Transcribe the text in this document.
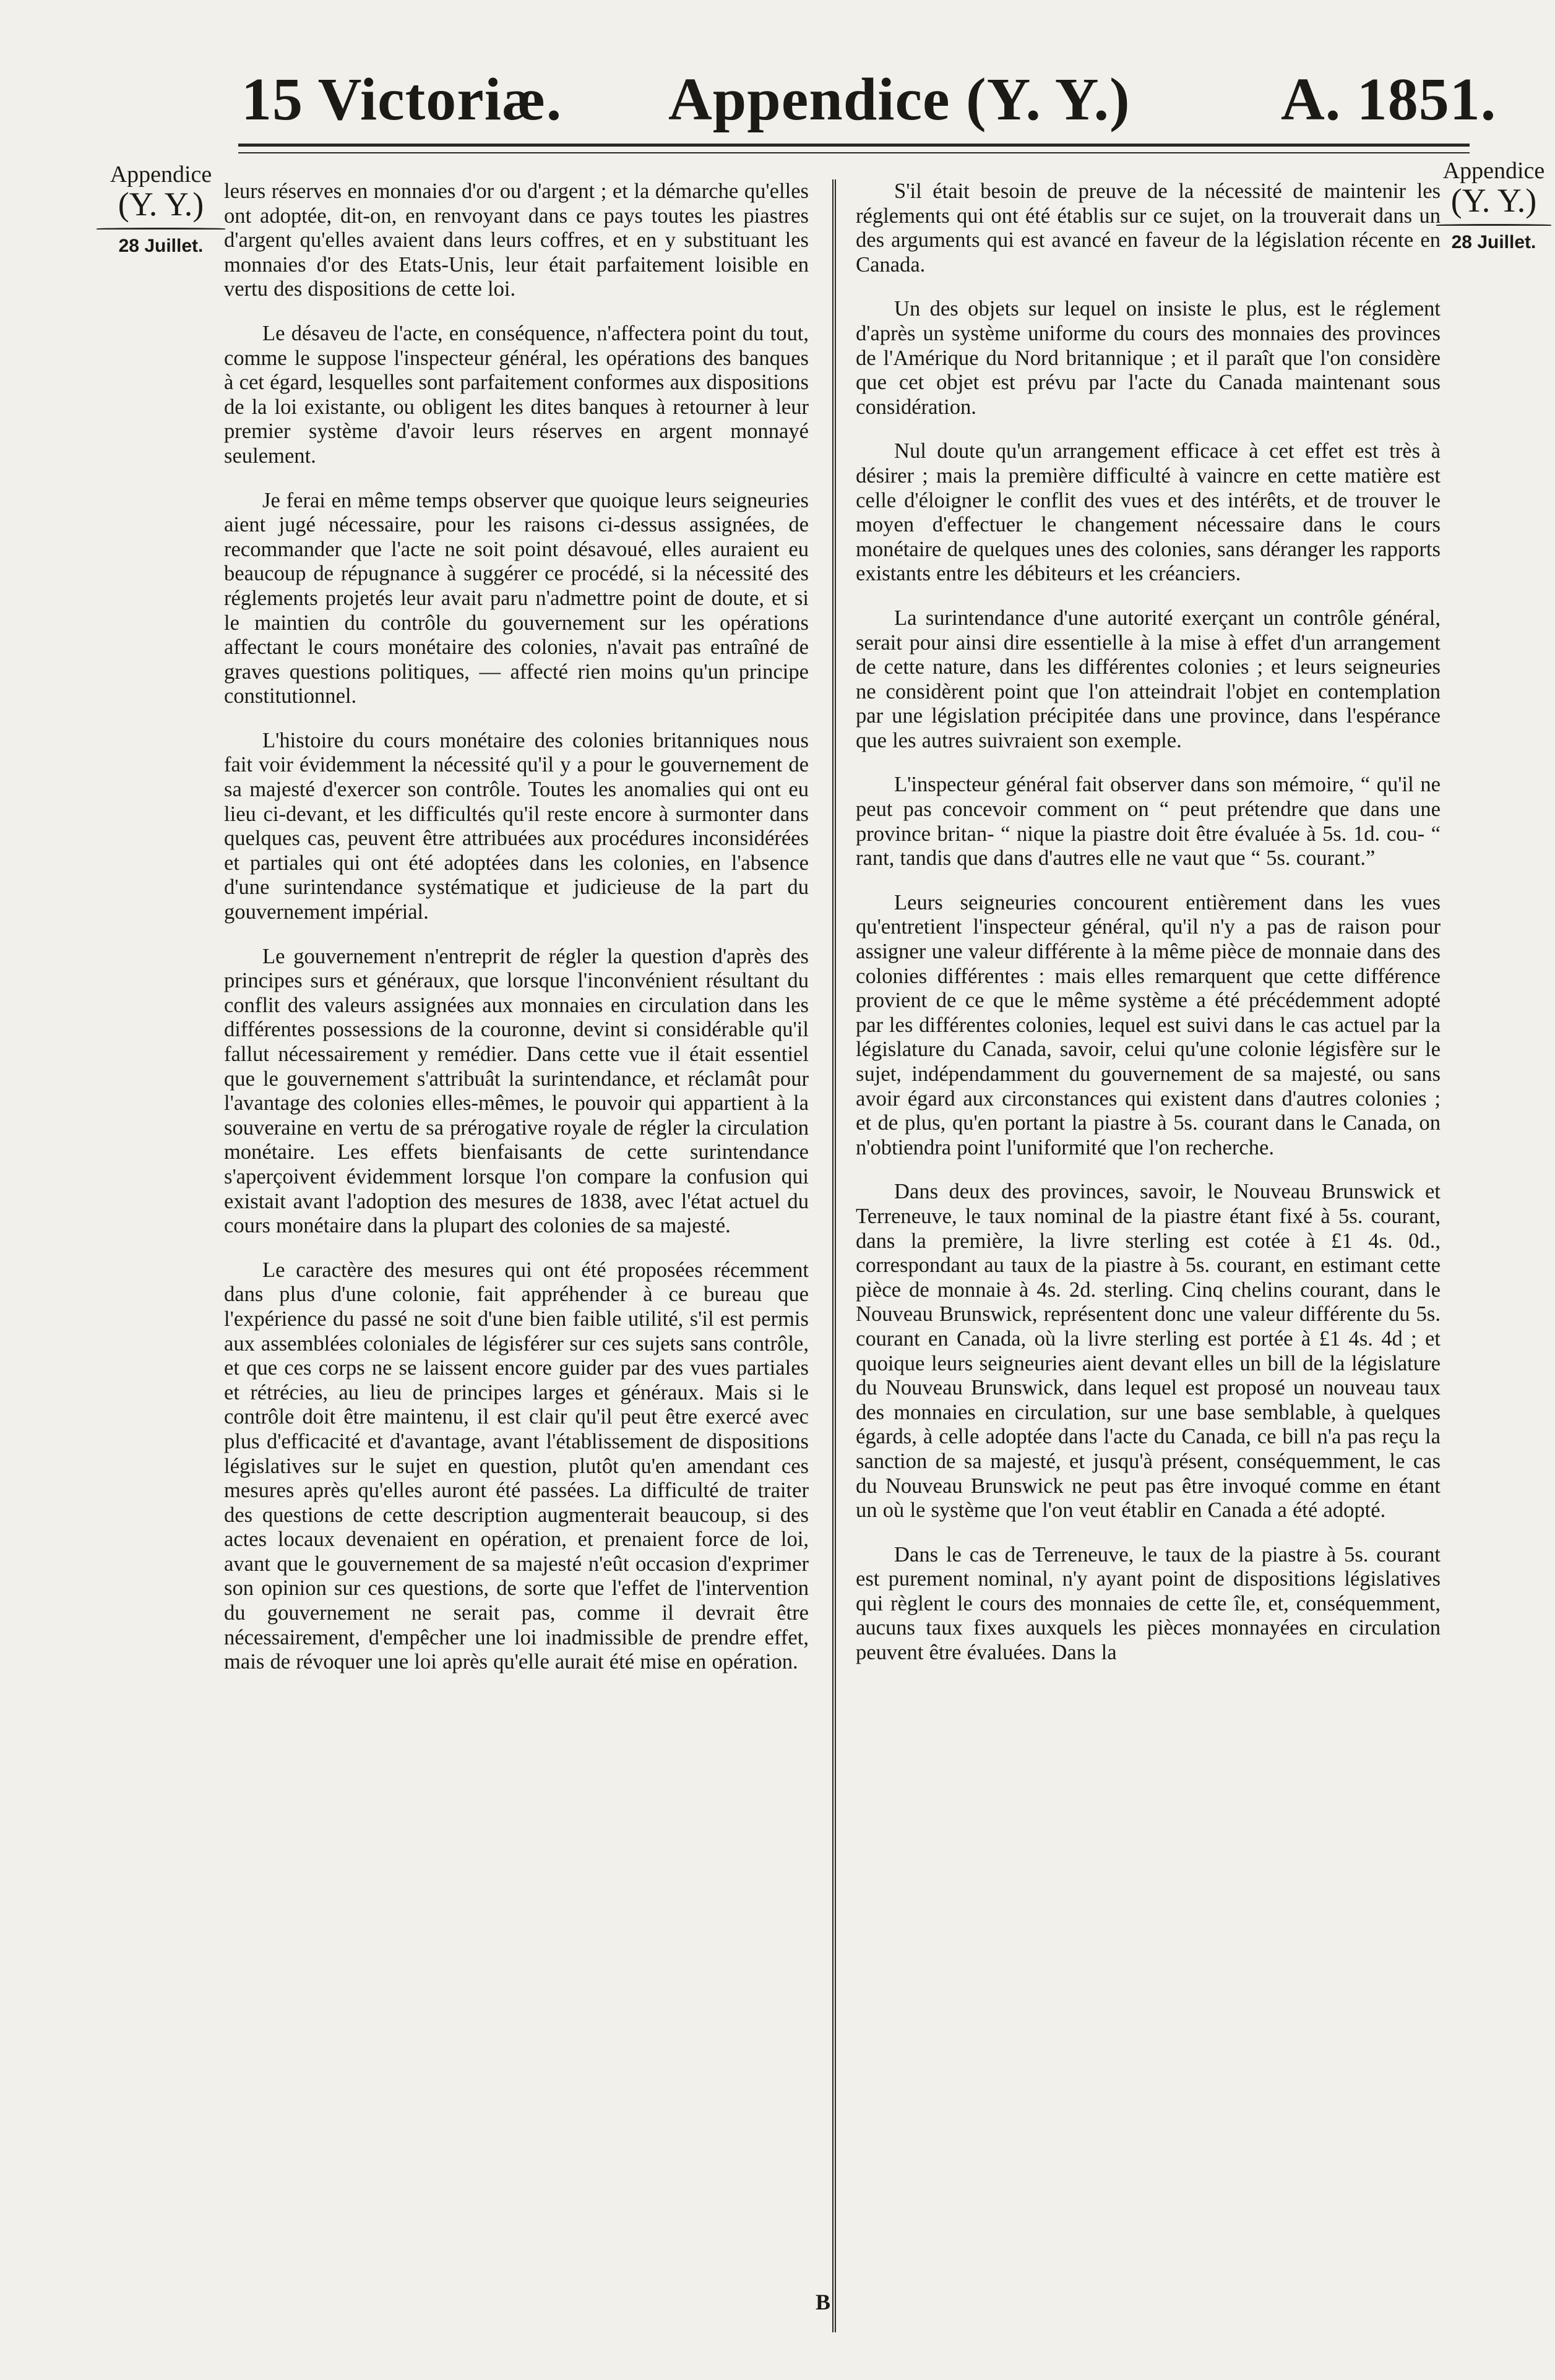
15 Victoriæ. Appendice (Y. Y.) A. 1851.
Appendice
(Y. Y.)
28 Juillet.
Appendice
(Y. Y.)
28 Juillet.

leurs réserves en monnaies d'or ou d'argent ; et la démarche qu'elles ont adoptée, dit-on, en renvoyant dans ce pays toutes les piastres d'argent qu'elles avaient dans leurs coffres, et en y substituant les monnaies d'or des Etats-Unis, leur était parfaitement loisible en vertu des dispositions de cette loi.

Le désaveu de l'acte, en conséquence, n'affectera point du tout, comme le suppose l'inspecteur général, les opérations des banques à cet égard, lesquelles sont parfaitement conformes aux dispositions de la loi existante, ou obligent les dites banques à retourner à leur premier système d'avoir leurs réserves en argent monnayé seulement.

Je ferai en même temps observer que quoique leurs seigneuries aient jugé nécessaire, pour les raisons ci-dessus assignées, de recommander que l'acte ne soit point désavoué, elles auraient eu beaucoup de répugnance à suggérer ce procédé, si la nécessité des réglements projetés leur avait paru n'admettre point de doute, et si le maintien du contrôle du gouvernement sur les opérations affectant le cours monétaire des colonies, n'avait pas entraîné de graves questions politiques, — affecté rien moins qu'un principe constitutionnel.

L'histoire du cours monétaire des colonies britanniques nous fait voir évidemment la nécessité qu'il y a pour le gouvernement de sa majesté d'exercer son contrôle. Toutes les anomalies qui ont eu lieu ci-devant, et les difficultés qu'il reste encore à surmonter dans quelques cas, peuvent être attribuées aux procédures inconsidérées et partiales qui ont été adoptées dans les colonies, en l'absence d'une surintendance systématique et judicieuse de la part du gouvernement impérial.

Le gouvernement n'entreprit de régler la question d'après des principes surs et généraux, que lorsque l'inconvénient résultant du conflit des valeurs assignées aux monnaies en circulation dans les différentes possessions de la couronne, devint si considérable qu'il fallut nécessairement y remédier. Dans cette vue il était essentiel que le gouvernement s'attribuât la surintendance, et réclamât pour l'avantage des colonies elles-mêmes, le pouvoir qui appartient à la souveraine en vertu de sa prérogative royale de régler la circulation monétaire. Les effets bienfaisants de cette surintendance s'aperçoivent évidemment lorsque l'on compare la confusion qui existait avant l'adoption des mesures de 1838, avec l'état actuel du cours monétaire dans la plupart des colonies de sa majesté.

Le caractère des mesures qui ont été proposées récemment dans plus d'une colonie, fait appréhender à ce bureau que l'expérience du passé ne soit d'une bien faible utilité, s'il est permis aux assemblées coloniales de légisférer sur ces sujets sans contrôle, et que ces corps ne se laissent encore guider par des vues partiales et rétrécies, au lieu de principes larges et généraux. Mais si le contrôle doit être maintenu, il est clair qu'il peut être exercé avec plus d'efficacité et d'avantage, avant l'établissement de dispositions législatives sur le sujet en question, plutôt qu'en amendant ces mesures après qu'elles auront été passées. La difficulté de traiter des questions de cette description augmenterait beaucoup, si des actes locaux devenaient en opération, et prenaient force de loi, avant que le gouvernement de sa majesté n'eût occasion d'exprimer son opinion sur ces questions, de sorte que l'effet de l'intervention du gouvernement ne serait pas, comme il devrait être nécessairement, d'empêcher une loi inadmissible de prendre effet, mais de révoquer une loi après qu'elle aurait été mise en opération.

S'il était besoin de preuve de la nécessité de maintenir les réglements qui ont été établis sur ce sujet, on la trouverait dans un des arguments qui est avancé en faveur de la législation récente en Canada.

Un des objets sur lequel on insiste le plus, est le réglement d'après un système uniforme du cours des monnaies des provinces de l'Amérique du Nord britannique ; et il paraît que l'on considère que cet objet est prévu par l'acte du Canada maintenant sous considération.

Nul doute qu'un arrangement efficace à cet effet est très à désirer ; mais la première difficulté à vaincre en cette matière est celle d'éloigner le conflit des vues et des intérêts, et de trouver le moyen d'effectuer le changement nécessaire dans le cours monétaire de quelques unes des colonies, sans déranger les rapports existants entre les débiteurs et les créanciers.

La surintendance d'une autorité exerçant un contrôle général, serait pour ainsi dire essentielle à la mise à effet d'un arrangement de cette nature, dans les différentes colonies ; et leurs seigneuries ne considèrent point que l'on atteindrait l'objet en contemplation par une législation précipitée dans une province, dans l'espérance que les autres suivraient son exemple.

L'inspecteur général fait observer dans son mémoire, “ qu'il ne peut pas concevoir comment on “ peut prétendre que dans une province britan- “ nique la piastre doit être évaluée à 5s. 1d. cou- “ rant, tandis que dans d'autres elle ne vaut que “ 5s. courant.”

Leurs seigneuries concourent entièrement dans les vues qu'entretient l'inspecteur général, qu'il n'y a pas de raison pour assigner une valeur différente à la même pièce de monnaie dans des colonies différentes : mais elles remarquent que cette différence provient de ce que le même système a été précédemment adopté par les différentes colonies, lequel est suivi dans le cas actuel par la législature du Canada, savoir, celui qu'une colonie légisfère sur le sujet, indépendamment du gouvernement de sa majesté, ou sans avoir égard aux circonstances qui existent dans d'autres colonies ; et de plus, qu'en portant la piastre à 5s. courant dans le Canada, on n'obtiendra point l'uniformité que l'on recherche.

Dans deux des provinces, savoir, le Nouveau Brunswick et Terreneuve, le taux nominal de la piastre étant fixé à 5s. courant, dans la première, la livre sterling est cotée à £1 4s. 0d., correspondant au taux de la piastre à 5s. courant, en estimant cette pièce de monnaie à 4s. 2d. sterling. Cinq chelins courant, dans le Nouveau Brunswick, représentent donc une valeur différente du 5s. courant en Canada, où la livre sterling est portée à £1 4s. 4d ; et quoique leurs seigneuries aient devant elles un bill de la législature du Nouveau Brunswick, dans lequel est proposé un nouveau taux des monnaies en circulation, sur une base semblable, à quelques égards, à celle adoptée dans l'acte du Canada, ce bill n'a pas reçu la sanction de sa majesté, et jusqu'à présent, conséquemment, le cas du Nouveau Brunswick ne peut pas être invoqué comme en étant un où le système que l'on veut établir en Canada a été adopté.

Dans le cas de Terreneuve, le taux de la piastre à 5s. courant est purement nominal, n'y ayant point de dispositions législatives qui règlent le cours des monnaies de cette île, et, conséquemment, aucuns taux fixes auxquels les pièces monnayées en circulation peuvent être évaluées. Dans la

B
